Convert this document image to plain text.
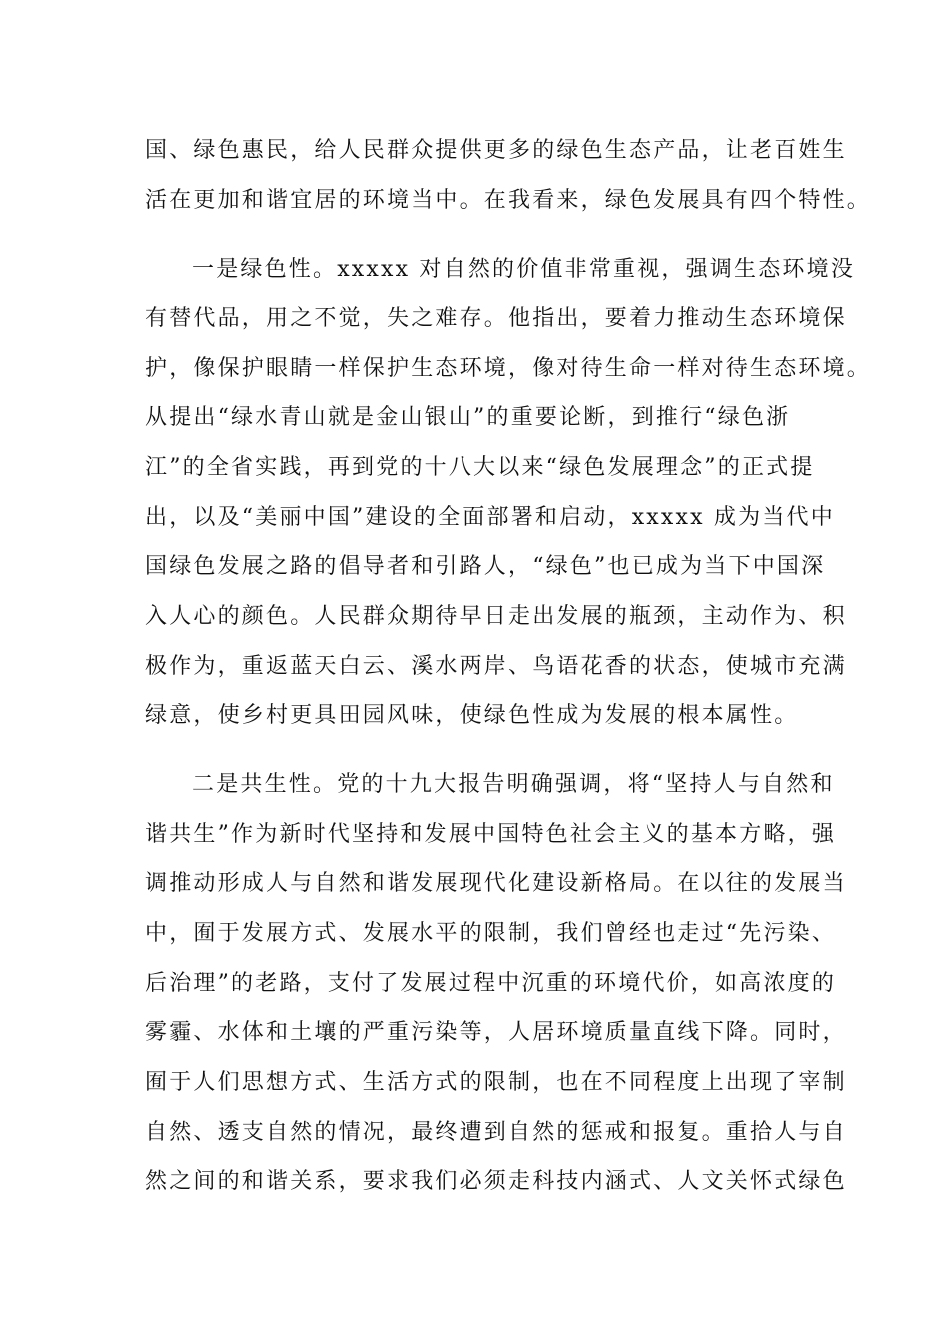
国、绿色惠民，给人民群众提供更多的绿色生态产品，让老百姓生
活在更加和谐宜居的环境当中。在我看来，绿色发展具有四个特性。
一是绿色性。xxxxx 对自然的价值非常重视，强调生态环境没
有替代品，用之不觉，失之难存。他指出，要着力推动生态环境保
护，像保护眼睛一样保护生态环境，像对待生命一样对待生态环境。
从提出“绿水青山就是金山银山”的重要论断，到推行“绿色浙
江”的全省实践，再到党的十八大以来“绿色发展理念”的正式提
出，以及“美丽中国”建设的全面部署和启动，xxxxx 成为当代中
国绿色发展之路的倡导者和引路人，“绿色”也已成为当下中国深
入人心的颜色。人民群众期待早日走出发展的瓶颈，主动作为、积
极作为，重返蓝天白云、溪水两岸、鸟语花香的状态，使城市充满
绿意，使乡村更具田园风味，使绿色性成为发展的根本属性。
二是共生性。党的十九大报告明确强调，将“坚持人与自然和
谐共生”作为新时代坚持和发展中国特色社会主义的基本方略，强
调推动形成人与自然和谐发展现代化建设新格局。在以往的发展当
中，囿于发展方式、发展水平的限制，我们曾经也走过“先污染、
后治理”的老路，支付了发展过程中沉重的环境代价，如高浓度的
雾霾、水体和土壤的严重污染等，人居环境质量直线下降。同时，
囿于人们思想方式、生活方式的限制，也在不同程度上出现了宰制
自然、透支自然的情况，最终遭到自然的惩戒和报复。重拾人与自
然之间的和谐关系，要求我们必须走科技内涵式、人文关怀式绿色
